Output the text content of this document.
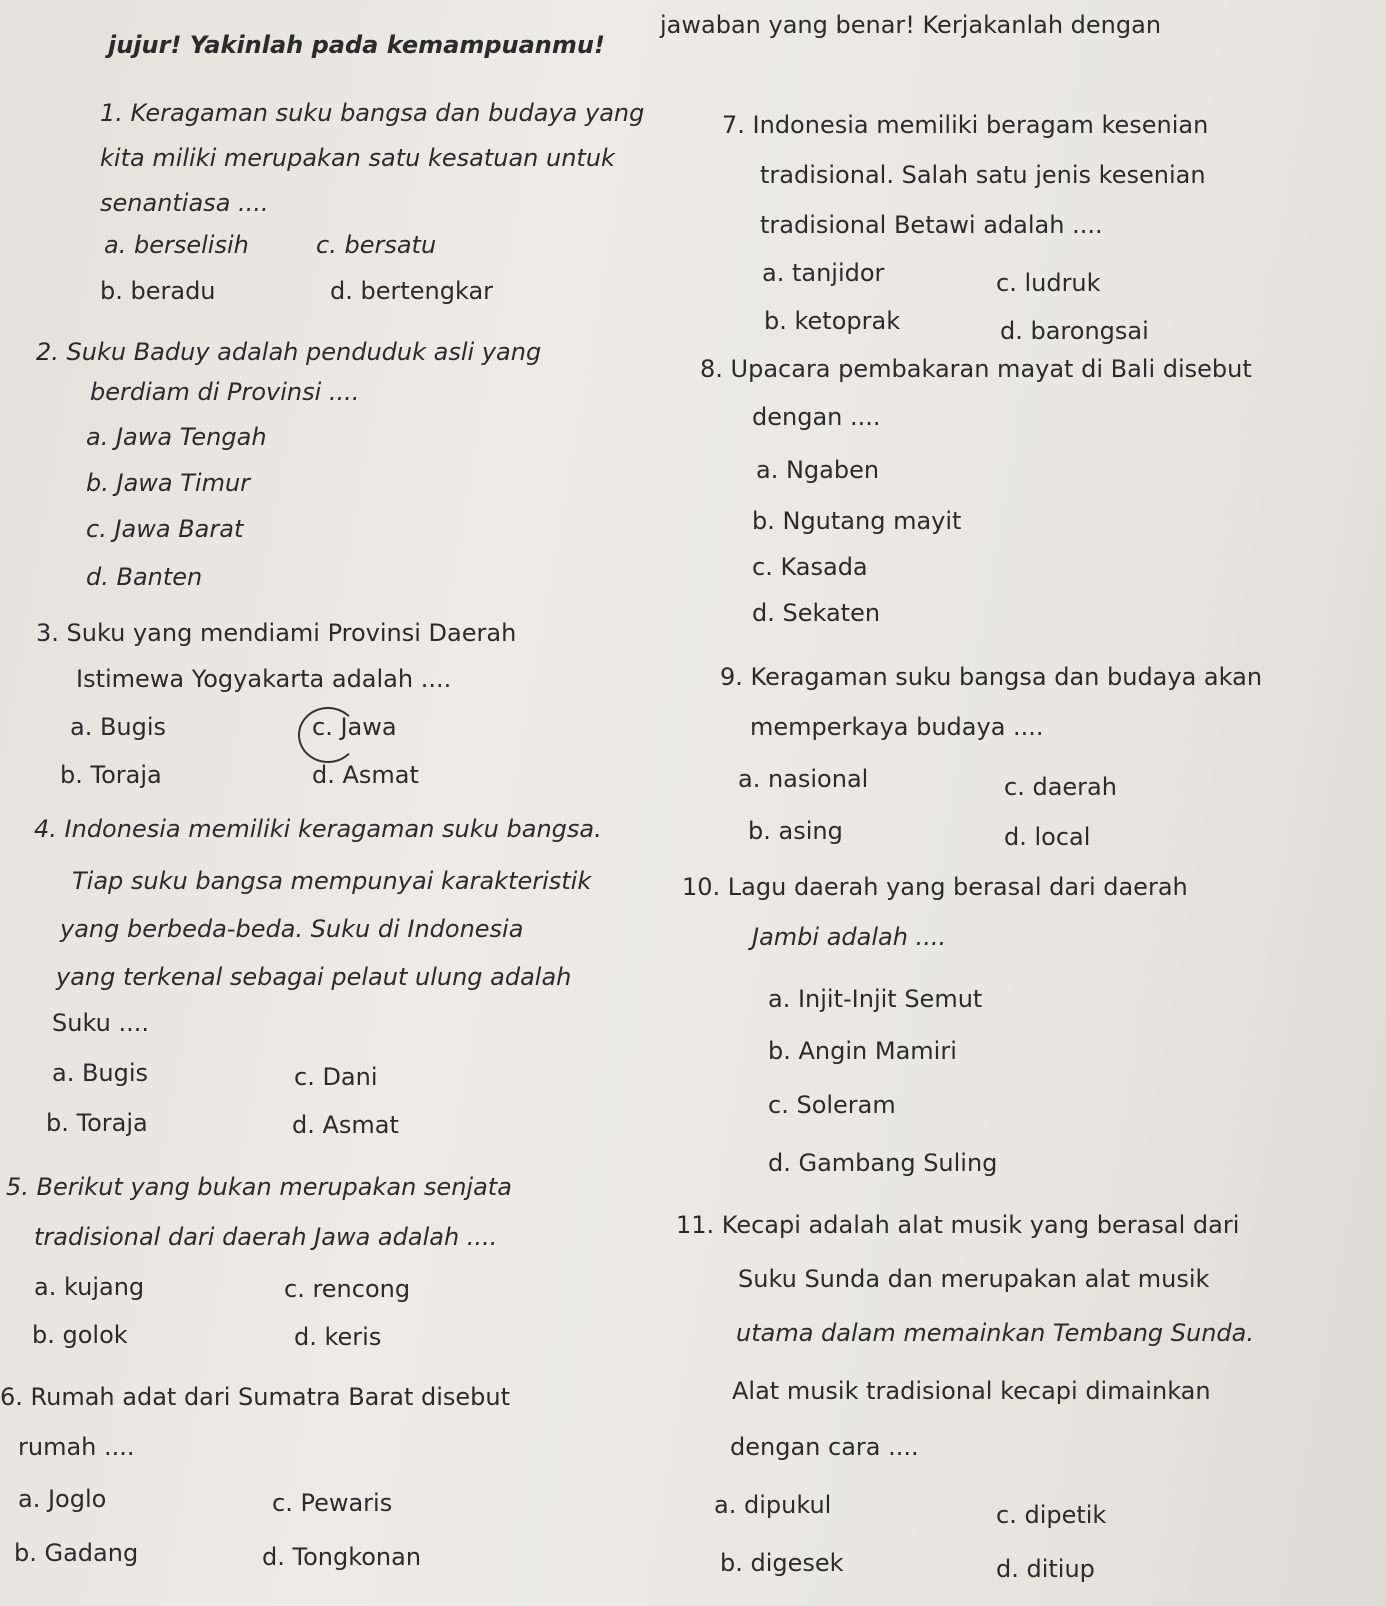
jawaban yang benar! Kerjakanlah dengan
jujur! Yakinlah pada kemampuanmu!
1. Keragaman suku bangsa dan budaya yang
kita miliki merupakan satu kesatuan untuk
senantiasa ....
a. berselisih	c. bersatu
b. beradu	d. bertengkar
2. Suku Baduy adalah penduduk asli yang
berdiam di Provinsi ....
a. Jawa Tengah
b. Jawa Timur
c. Jawa Barat
d. Banten
3. Suku yang mendiami Provinsi Daerah
Istimewa Yogyakarta adalah ....
a. Bugis	c. Jawa
b. Toraja	d. Asmat
4. Indonesia memiliki keragaman suku bangsa.
Tiap suku bangsa mempunyai karakteristik
yang berbeda-beda. Suku di Indonesia
yang terkenal sebagai pelaut ulung adalah
Suku ....
a. Bugis	c. Dani
b. Toraja	d. Asmat
5. Berikut yang bukan merupakan senjata
tradisional dari daerah Jawa adalah ....
a. kujang	c. rencong
b. golok	d. keris
6. Rumah adat dari Sumatra Barat disebut
rumah ....
a. Joglo	c. Pewaris
b. Gadang	d. Tongkonan
7. Indonesia memiliki beragam kesenian
tradisional. Salah satu jenis kesenian
tradisional Betawi adalah ....
a. tanjidor	c. ludruk
b. ketoprak	d. barongsai
8. Upacara pembakaran mayat di Bali disebut
dengan ....
a. Ngaben
b. Ngutang mayit
c. Kasada
d. Sekaten
9. Keragaman suku bangsa dan budaya akan
memperkaya budaya ....
a. nasional	c. daerah
b. asing	d. local
10. Lagu daerah yang berasal dari daerah
Jambi adalah ....
a. Injit-Injit Semut
b. Angin Mamiri
c. Soleram
d. Gambang Suling
11. Kecapi adalah alat musik yang berasal dari
Suku Sunda dan merupakan alat musik
utama dalam memainkan Tembang Sunda.
Alat musik tradisional kecapi dimainkan
dengan cara ....
a. dipukul	c. dipetik
b. digesek	d. ditiup
